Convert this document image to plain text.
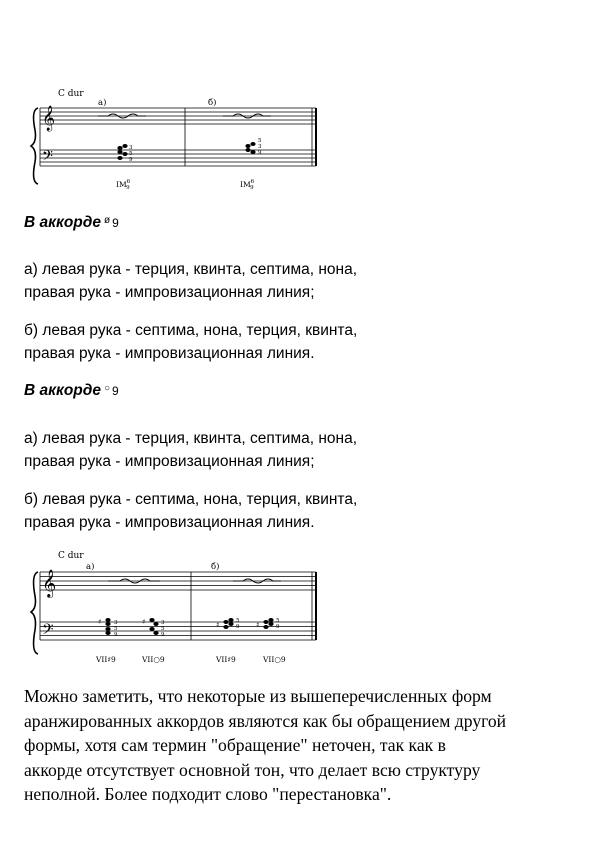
C dur
а)	б)
𝄞
𝄢	3
5
9
5
3
9
$IM^6$ 9	$IM^6$ 9
В аккорде $^ø$ 9
а) левая рука - терция, квинта, септима, нона,
правая рука - импровизационная линия;
б) левая рука - септима, нона, терция, квинта,
правая рука - импровизационная линия.
В аккорде ○ 9
а) левая рука - терция, квинта, септима, нона,
правая рука - импровизационная линия;
б) левая рука - септима, нона, терция, квинта,
правая рука - импровизационная линия.
C dur
а)	б)
𝄞
𝄢	♯ 3
5
9
♯	3
5
9
♯	5
9 ♯	5
9
VII♯9	VII○9	VII♯9	VII○9
Можно заметить, что некоторые из вышеперечисленных форм
аранжированных аккордов являются как бы обращением другой
формы, хотя сам термин "обращение" неточен, так как в
аккорде отсутствует основной тон, что делает всю структуру
неполной. Более подходит слово "перестановка".
